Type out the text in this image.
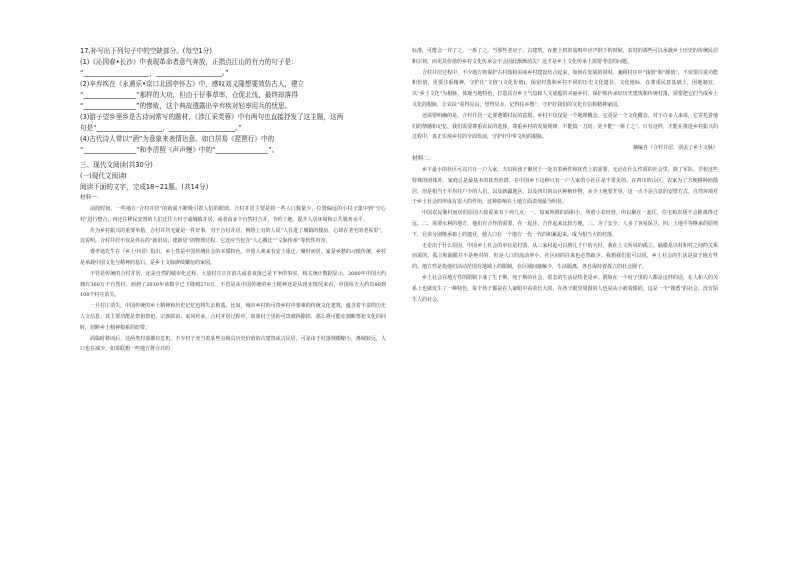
17.补写出下列句子中的空缺部分。(每空1分)

(1)《沁园春•长沙》中表现革命者意气奔放，正指点江山的有力的句子是：

“____________________，____________________。”

(2)辛弃疾在《永遇乐•京口北固亭怀古》中，感叹刘义隆想要效仿古人，建立

“________________”那样的大功，但由于仔事草率，仓促北伐，最终却落得

“________________”的惨败，这个典故透露出辛弃疾对轻率用兵的忧思。

(3)游子望乡里乡是古诗词常写的题材，《涉江采芙蓉》中有两句也直接抒发了这主题，这两

句是“____________________，____________________。”

(4)古代诗人常以“酒”为意象来表情达意。如白居易《琵琶行》中的

“________________”和李清照《声声慢》中的“________________”。

三、现代文阅读(共30分)

(一)现代文阅读Ⅰ

阅读下面的文字，完成18~21题。(共14分)

材料一：

前段时间，一些地方“合村并居”的新闻不断吸引着人们的眼球。合村并居主要是将一些人口数量少、位置偏远的小村子集中到“空心村”进行整合，再迁往移民安置的人们迁往大村子或城镇并居，或者由多个自然村合并，节约土地，提升人居环境和公共服务水平。

作为乡村振兴的重要举措，合村并居无疑是一件好事。对于合村并居，网络上有的人说“人住进了城镇的楼房，心却在老宅的老屋里”，这说明，合村并居不仅是外在的“新旧房、建新居”的物理过程，它还应当包含“人心搬迁”“文脉传承”等软性内容。

费孝通先生在《乡土中国》指出，乡土性是中国传统社会的本质特色。中国人素来有安土重迁、聚村而居、家是乡愁的习惯传统。乡村是承载中国文化与精神的基石，是乡土文脉赓续繁衍的家园。

不管是传统的合村并居，还是自然的城市化过程，大量村庄正在消失或者衰落已是不争的事实。相关统计数据显示，2000年中国大约拥有360万个自然村，而到了2010年该数字已下降到270万，不管是从中国传统的乡土精神还是从现实情况来看，中国每天大约有80到100个村庄消失。

一旦村庄消失，中国传统的乡土精神和历史记忆也将失去根基。比如，城市乡村的可贵乡村中要素的传统文化建筑，蕴含着丰富的历史人文信息，其主要功能是祭祖祭祀、宗族联谊、家风传承。合村并居过程中，如果村子里的可贵被拆除掉，那么将可能在割断祭祀文化的同时，切断乡土精神根系的纽带。

面临时移而后，这两类村落都有危机。不少村子充当着某些有极具历史价值的古建筑或古民居，可是由于村落规模缩小，离城较远，人口也在减少，如果联想一些地方将合并的

标准，可能会一并了之，一拆了之。当那些老房子、古建筑，在推土机的轰鸣中应声倒下的时候，农村的那些可以承载乡土历史的传统民居和宗祠，而更具价值的乡村文化传承会不会因此渐渐消失？这才是乡土文化传承上需要考虑的问题。

合村并居过程中，不少地方将保护古村落和美丽乡村建设结合起来，如何在发展的同时，兼顾村庄中“钱值”和“颜值”，不仅要注重功能和价值，更要注重精神，守护住“文值”(文化价值)，保留村落和乡村不同的历史文化遗存、文化地标，在尊重民意基础上，因地制宜，以“乡土文化”为根脉，体现当地特色，打造具有乡土气息和人文底蕴的美丽乡村。保护和传承好历史建筑和传统村落，需要把它们当成乡土文化的根脉，让农民“看得见山，望得见水，记得住乡愁”，守护好我们的文化自信和精神家园。

还需要明确的是，合村并居一定要遵循村民的意愿。乡村不仅仅是一个地理概念，它更是一个文化概念。对于许多人来说，它寄托着他们的情感和记忆，我们需要尊重农民的选择，尊重乡村的发展规律，不能搞一刀切，更不能“一拆了之”。只有这样，才能在推进乡村振兴的过程中，真正实现乡村的全面发展，守护好中华文明的根脉。

摘编自《合村并居，别丢了乡土文脉》

材料二：

乡下最小的社区可以只有一户人家。夫妇和孩子聚居于一处有着两性和抚育上的需要。无论在什么性质的社会里，除了军队、学校这些特殊的团体外，家庭总是最基本的抚育社群。在中国乡下这种只有一户人家的小社区是不常见的。在四川的山区，农家为了方便耕种而散居，但是相当于平均住户少的人们，以及新疆地区，以及四川的山区种植作物，多少土地要开垦，这一点不是合意的安排方式。自然环境对于乡土社会的形成有很大的作用，这种影响在土地方面表现最为明显。

中国农民聚村而居的原因大致说来有下列几点：一、每家所耕的面积小，所谓小农经营，所以聚在一起住，住宅和农场不会距离得过远。二、需要水利的地方，他们有合作的需要，在一起住，合作起来比较方便。三、为了安全，人多了容易保卫。四、土地平等继承的原则下，兄弟分别继承祖上的遗业，使人口在一个地方一代一代的积累起来，成为相当大的村落。

无论出于什么原因，中国乡土社会的单位是村落，从三家村起可以到几千户的大村。我在上文所说的孤立、隔膜是以村和村之间的关系而说的。孤立和隔膜并不是绝对的，但是人口的流动率小，社区间的往来也必然疏少。我想我们很可以说，乡土社会的生活是富于地方性的。地方性是指他们活动范围有地域上的限制，在区域间接触少，生活隔离，各自保持着孤立的社会圈子。

乡土社会在地方性的限制下成了生于斯、死于斯的社会。常态的生活是终老是乡。假如在一个村子里的人都是这样的话，在人和人的关系上也就发生了一种特色，每个孩子都是在人家眼中看着长大的，在孩子眼里周围的人也是从小就看惯的。这是一个“熟悉”的社会，没有陌生人的社会。
